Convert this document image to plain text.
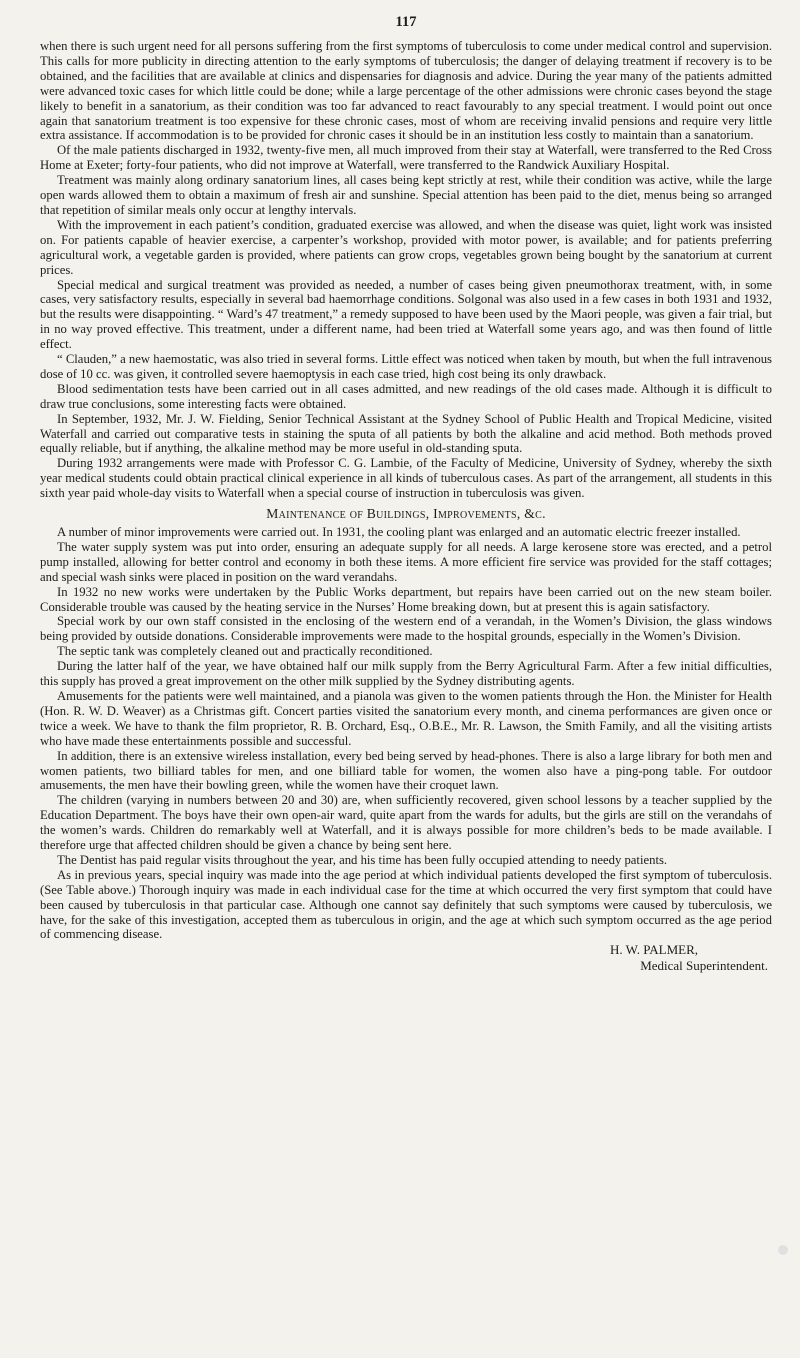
117

when there is such urgent need for all persons suffering from the first symptoms of tuberculosis to come under medical control and supervision. This calls for more publicity in directing attention to the early symptoms of tuberculosis; the danger of delaying treatment if recovery is to be obtained, and the facilities that are available at clinics and dispensaries for diagnosis and advice. During the year many of the patients admitted were advanced toxic cases for which little could be done; while a large percentage of the other admissions were chronic cases beyond the stage likely to benefit in a sanatorium, as their condition was too far advanced to react favourably to any special treatment. I would point out once again that sanatorium treatment is too expensive for these chronic cases, most of whom are receiving invalid pensions and require very little extra assistance. If accommodation is to be provided for chronic cases it should be in an institution less costly to maintain than a sanatorium.

Of the male patients discharged in 1932, twenty-five men, all much improved from their stay at Waterfall, were transferred to the Red Cross Home at Exeter; forty-four patients, who did not improve at Waterfall, were transferred to the Randwick Auxiliary Hospital.

Treatment was mainly along ordinary sanatorium lines, all cases being kept strictly at rest, while their condition was active, while the large open wards allowed them to obtain a maximum of fresh air and sunshine. Special attention has been paid to the diet, menus being so arranged that repetition of similar meals only occur at lengthy intervals.

With the improvement in each patient’s condition, graduated exercise was allowed, and when the disease was quiet, light work was insisted on. For patients capable of heavier exercise, a carpenter’s workshop, provided with motor power, is available; and for patients preferring agricultural work, a vegetable garden is provided, where patients can grow crops, vegetables grown being bought by the sanatorium at current prices.

Special medical and surgical treatment was provided as needed, a number of cases being given pneumothorax treatment, with, in some cases, very satisfactory results, especially in several bad haemorrhage conditions. Solgonal was also used in a few cases in both 1931 and 1932, but the results were disappointing. “ Ward’s 47 treatment,” a remedy supposed to have been used by the Maori people, was given a fair trial, but in no way proved effective. This treatment, under a different name, had been tried at Waterfall some years ago, and was then found of little effect.

“ Clauden,” a new haemostatic, was also tried in several forms. Little effect was noticed when taken by mouth, but when the full intravenous dose of 10 cc. was given, it controlled severe haemoptysis in each case tried, high cost being its only drawback.

Blood sedimentation tests have been carried out in all cases admitted, and new readings of the old cases made. Although it is difficult to draw true conclusions, some interesting facts were obtained.

In September, 1932, Mr. J. W. Fielding, Senior Technical Assistant at the Sydney School of Public Health and Tropical Medicine, visited Waterfall and carried out comparative tests in staining the sputa of all patients by both the alkaline and acid method. Both methods proved equally reliable, but if anything, the alkaline method may be more useful in old-standing sputa.

During 1932 arrangements were made with Professor C. G. Lambie, of the Faculty of Medicine, University of Sydney, whereby the sixth year medical students could obtain practical clinical experience in all kinds of tuberculous cases. As part of the arrangement, all students in this sixth year paid whole-day visits to Waterfall when a special course of instruction in tuberculosis was given.

Maintenance of Buildings, Improvements, &c.

A number of minor improvements were carried out. In 1931, the cooling plant was enlarged and an automatic electric freezer installed.

The water supply system was put into order, ensuring an adequate supply for all needs. A large kerosene store was erected, and a petrol pump installed, allowing for better control and economy in both these items. A more efficient fire service was provided for the staff cottages; and special wash sinks were placed in position on the ward verandahs.

In 1932 no new works were undertaken by the Public Works department, but repairs have been carried out on the new steam boiler. Considerable trouble was caused by the heating service in the Nurses’ Home breaking down, but at present this is again satisfactory.

Special work by our own staff consisted in the enclosing of the western end of a verandah, in the Women’s Division, the glass windows being provided by outside donations. Considerable improvements were made to the hospital grounds, especially in the Women’s Division.

The septic tank was completely cleaned out and practically reconditioned.

During the latter half of the year, we have obtained half our milk supply from the Berry Agricultural Farm. After a few initial difficulties, this supply has proved a great improvement on the other milk supplied by the Sydney distributing agents.

Amusements for the patients were well maintained, and a pianola was given to the women patients through the Hon. the Minister for Health (Hon. R. W. D. Weaver) as a Christmas gift. Concert parties visited the sanatorium every month, and cinema performances are given once or twice a week. We have to thank the film proprietor, R. B. Orchard, Esq., O.B.E., Mr. R. Lawson, the Smith Family, and all the visiting artists who have made these entertainments possible and successful.

In addition, there is an extensive wireless installation, every bed being served by head-phones. There is also a large library for both men and women patients, two billiard tables for men, and one billiard table for women, the women also have a ping-pong table. For outdoor amusements, the men have their bowling green, while the women have their croquet lawn.

The children (varying in numbers between 20 and 30) are, when sufficiently recovered, given school lessons by a teacher supplied by the Education Department. The boys have their own open-air ward, quite apart from the wards for adults, but the girls are still on the verandahs of the women’s wards. Children do remarkably well at Waterfall, and it is always possible for more children’s beds to be made available. I therefore urge that affected children should be given a chance by being sent here.

The Dentist has paid regular visits throughout the year, and his time has been fully occupied attending to needy patients.

As in previous years, special inquiry was made into the age period at which individual patients developed the first symptom of tuberculosis. (See Table above.) Thorough inquiry was made in each individual case for the time at which occurred the very first symptom that could have been caused by tuberculosis in that particular case. Although one cannot say definitely that such symptoms were caused by tuberculosis, we have, for the sake of this investigation, accepted them as tuberculous in origin, and the age at which such symptom occurred as the age period of commencing disease.

H. W. PALMER,
Medical Superintendent.
